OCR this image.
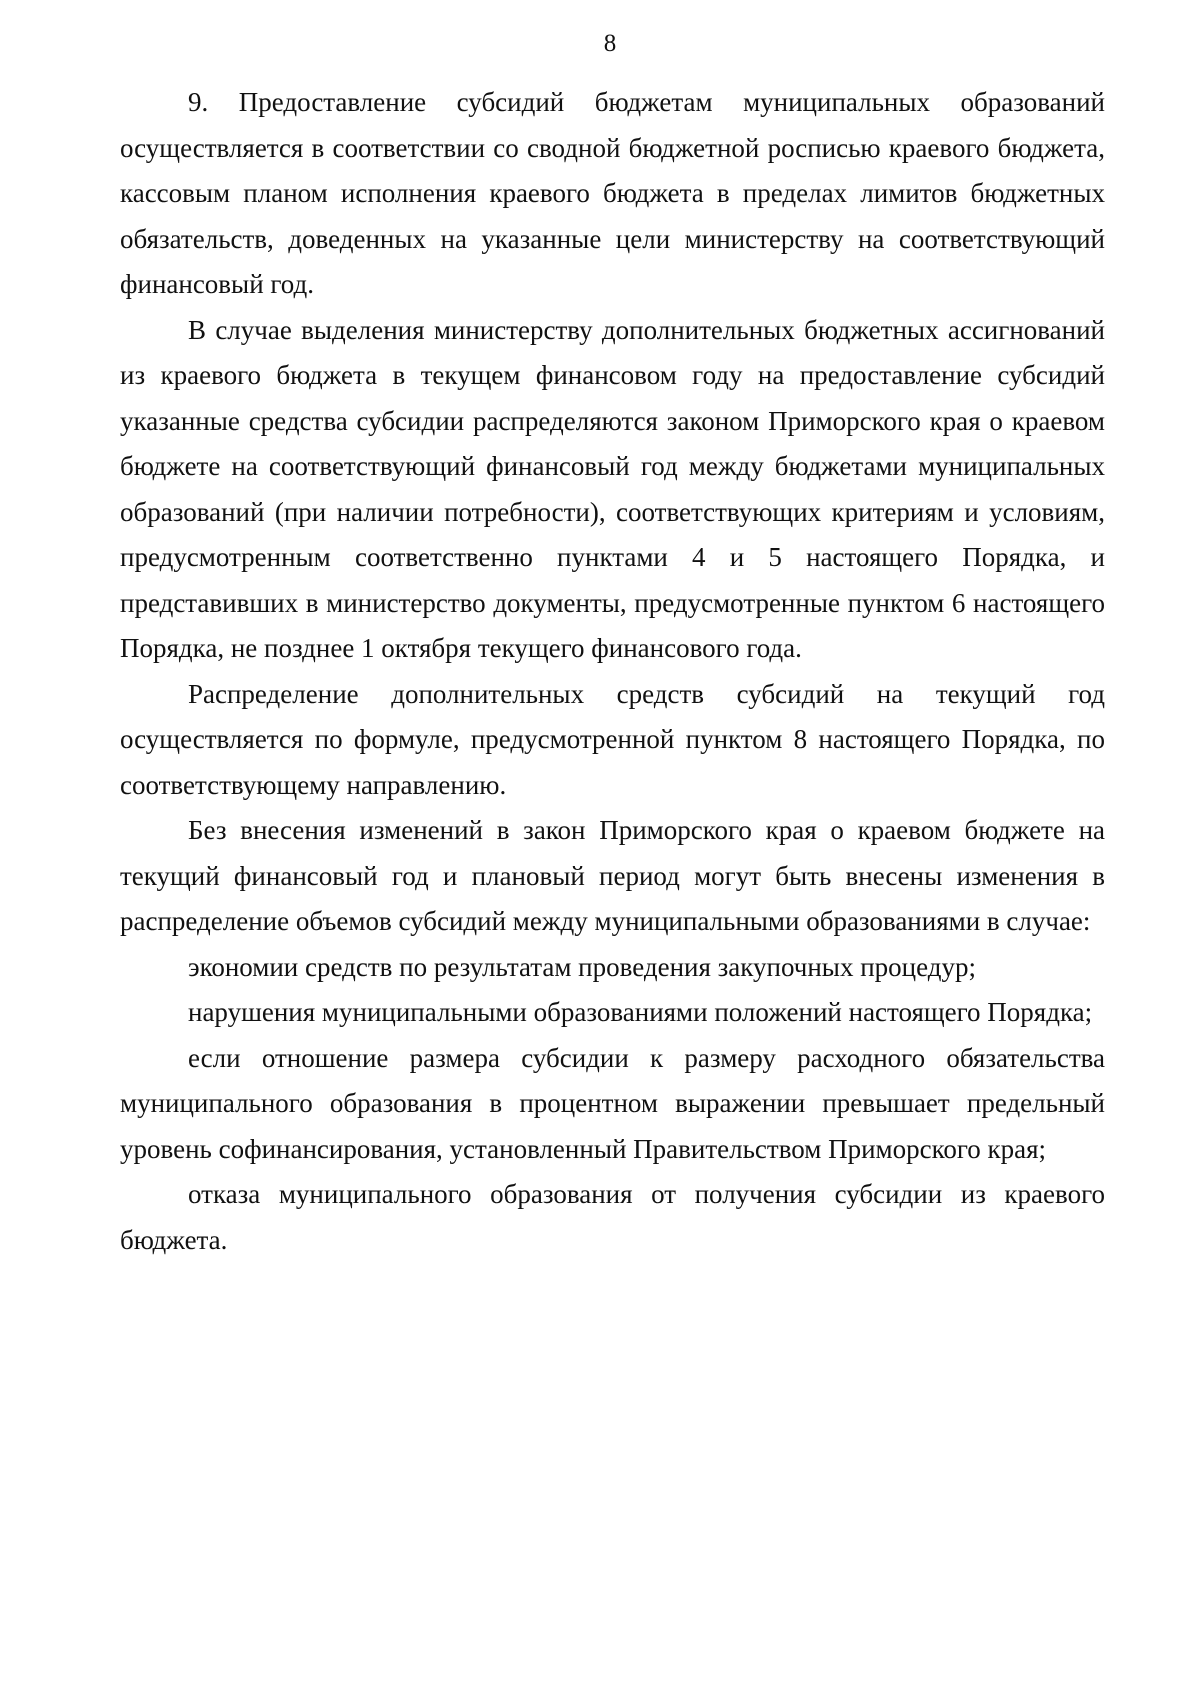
8

9. Предоставление субсидий бюджетам муниципальных образований осуществляется в соответствии со сводной бюджетной росписью краевого бюджета, кассовым планом исполнения краевого бюджета в пределах лимитов бюджетных обязательств, доведенных на указанные цели министерству на соответствующий финансовый год.

В случае выделения министерству дополнительных бюджетных ассигнований из краевого бюджета в текущем финансовом году на предоставление субсидий указанные средства субсидии распределяются законом Приморского края о краевом бюджете на соответствующий финансовый год между бюджетами муниципальных образований (при наличии потребности), соответствующих критериям и условиям, предусмотренным соответственно пунктами 4 и 5 настоящего Порядка, и представивших в министерство документы, предусмотренные пунктом 6 настоящего Порядка, не позднее 1 октября текущего финансового года.

Распределение дополнительных средств субсидий на текущий год осуществляется по формуле, предусмотренной пунктом 8 настоящего Порядка, по соответствующему направлению.

Без внесения изменений в закон Приморского края о краевом бюджете на текущий финансовый год и плановый период могут быть внесены изменения в распределение объемов субсидий между муниципальными образованиями в случае:

экономии средств по результатам проведения закупочных процедур;

нарушения муниципальными образованиями положений настоящего Порядка;

если отношение размера субсидии к размеру расходного обязательства муниципального образования в процентном выражении превышает предельный уровень софинансирования, установленный Правительством Приморского края;

отказа муниципального образования от получения субсидии из краевого бюджета.
